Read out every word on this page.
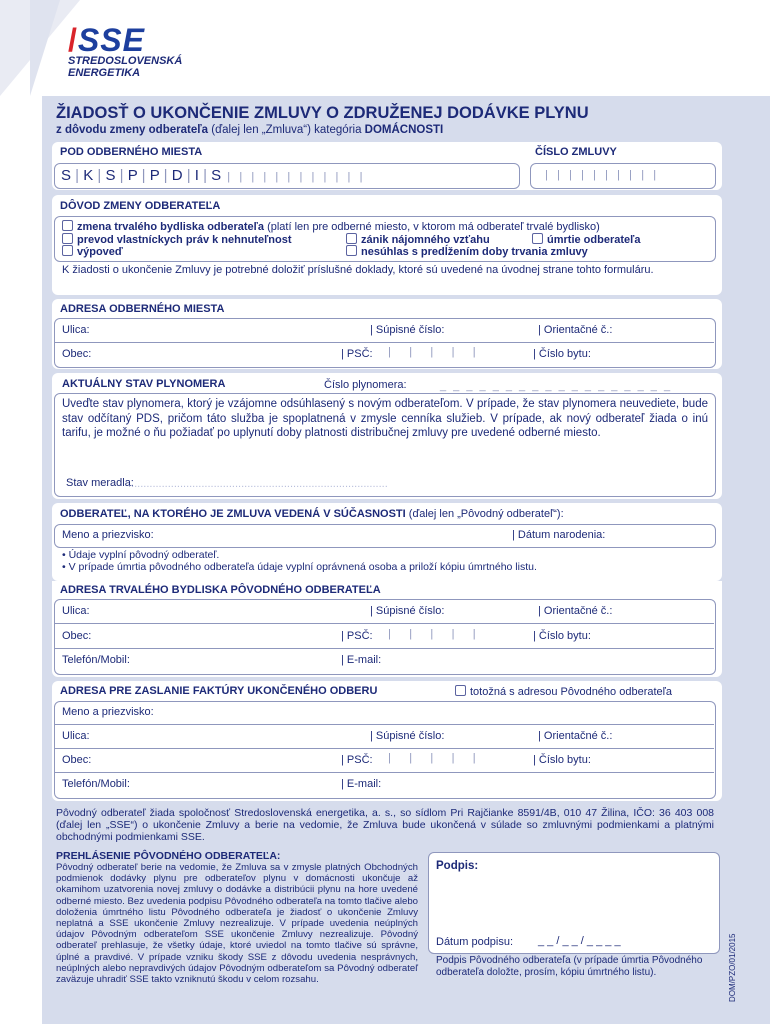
/SSE
STREDOSLOVENSKÁ
ENERGETIKA
ŽIADOSŤ O UKONČENIE ZMLUVY O ZDRUŽENEJ DODÁVKE PLYNU
z dôvodu zmeny odberateľa (ďalej len „Zmluva“) kategória DOMÁCNOSTI
POD ODBERNÉHO MIESTA	ČÍSLO ZMLUVY
S | K | S | P | P | D | I | S  |   |   |   |   |   |   |   |   |   |   |   |	|   |   |   |   |   |   |   |   |   |
DÔVOD ZMENY ODBERATEĽA
zmena trvalého bydliska odberateľa (platí len pre odberné miesto, v ktorom má odberateľ trvalé bydlisko)
prevod vlastníckych práv k nehnuteľnost	zánik nájomného vzťahu	úmrtie odberateľa
výpoveď	nesúhlas s predĺžením doby trvania zmluvy
K žiadosti o ukončenie Zmluvy je potrebné doložiť príslušné doklady, ktoré sú uvedené na úvodnej strane tohto formuláru.
ADRESA ODBERNÉHO MIESTA
Ulica:	| Súpisné číslo:	| Orientačné č.:
Obec:	| PSČ: |      |      |      |      |	| Číslo bytu:
AKTUÁLNY STAV PLYNOMERA	Číslo plynomera:	_ _ _ _ _ _ _ _ _ _ _ _ _ _ _ _ _ _
Uveďte stav plynomera, ktorý je vzájomne odsúhlasený s novým odberateľom. V prípade, že stav plynomera neuvediete, bude stav odčítaný PDS, pričom táto služba je spoplatnená v zmysle cenníka služieb. V prípade, ak nový odberateľ žiada o inú tarifu, je možné o ňu požiadať po uplynutí doby platnosti distribučnej zmluvy pre uvedené odberné miesto.
Stav meradla:
.....................................................................................
ODBERATEĽ, NA KTORÉHO JE ZMLUVA VEDENÁ V SÚČASNOSTI (ďalej len „Pôvodný odberateľ“):
Meno a priezvisko:	| Dátum narodenia:
• Údaje vyplní pôvodný odberateľ.
• V prípade úmrtia pôvodného odberateľa údaje vyplní oprávnená osoba a priloží kópiu úmrtného listu.
ADRESA TRVALÉHO BYDLISKA PÔVODNÉHO ODBERATEĽA
Ulica:	| Súpisné číslo:	| Orientačné č.:
Obec:	| PSČ: |      |      |      |      |	| Číslo bytu:
Telefón/Mobil:	| E-mail:
ADRESA PRE ZASLANIE FAKTÚRY UKONČENÉHO ODBERU	totožná s adresou Pôvodného odberateľa
Meno a priezvisko:
Ulica:	| Súpisné číslo:	| Orientačné č.:
Obec:	| PSČ: |      |      |      |      |	| Číslo bytu:
Telefón/Mobil:	| E-mail:
Pôvodný odberateľ žiada spoločnosť Stredoslovenská energetika, a. s., so sídlom Pri Rajčianke 8591/4B, 010 47 Žilina, IČO: 36 403 008 (ďalej len „SSE“) o ukončenie Zmluvy a berie na vedomie, že Zmluva bude ukončená v súlade so zmluvnými podmienkami a platnými obchodnými podmienkami SSE.
PREHLÁSENIE PÔVODNÉHO ODBERATEĽA:
Pôvodný odberateľ berie na vedomie, že Zmluva sa v zmysle platných Obchodných podmienok dodávky plynu pre odberateľov plynu v domácnosti ukončuje až okamihom uzatvorenia novej zmluvy o dodávke a distribúcii plynu na hore uvedené odberné miesto. Bez uvedenia podpisu Pôvodného odberateľa na tomto tlačive alebo doloženia úmrtného listu Pôvodného odberateľa je žiadosť o ukončenie Zmluvy neplatná a SSE ukončenie Zmluvy nezrealizuje. V prípade uvedenia neúplných údajov Pôvodným odberateľom SSE ukončenie Zmluvy nezrealizuje. Pôvodný odberateľ prehlasuje, že všetky údaje, ktoré uviedol na tomto tlačive sú správne, úplné a pravdivé. V prípade vzniku škody SSE z dôvodu uvedenia nesprávnych, neúplných alebo nepravdivých údajov Pôvodným odberateľom sa Pôvodný odberateľ zaväzuje uhradiť SSE takto vzniknutú škodu v celom rozsahu.
Podpis:
Dátum podpisu: _ _ / _ _ / _ _ _ _
Podpis Pôvodného odberateľa (v prípade úmrtia Pôvodného odberateľa doložte, prosím, kópiu úmrtného listu).	DOM/PZO/01/2015
